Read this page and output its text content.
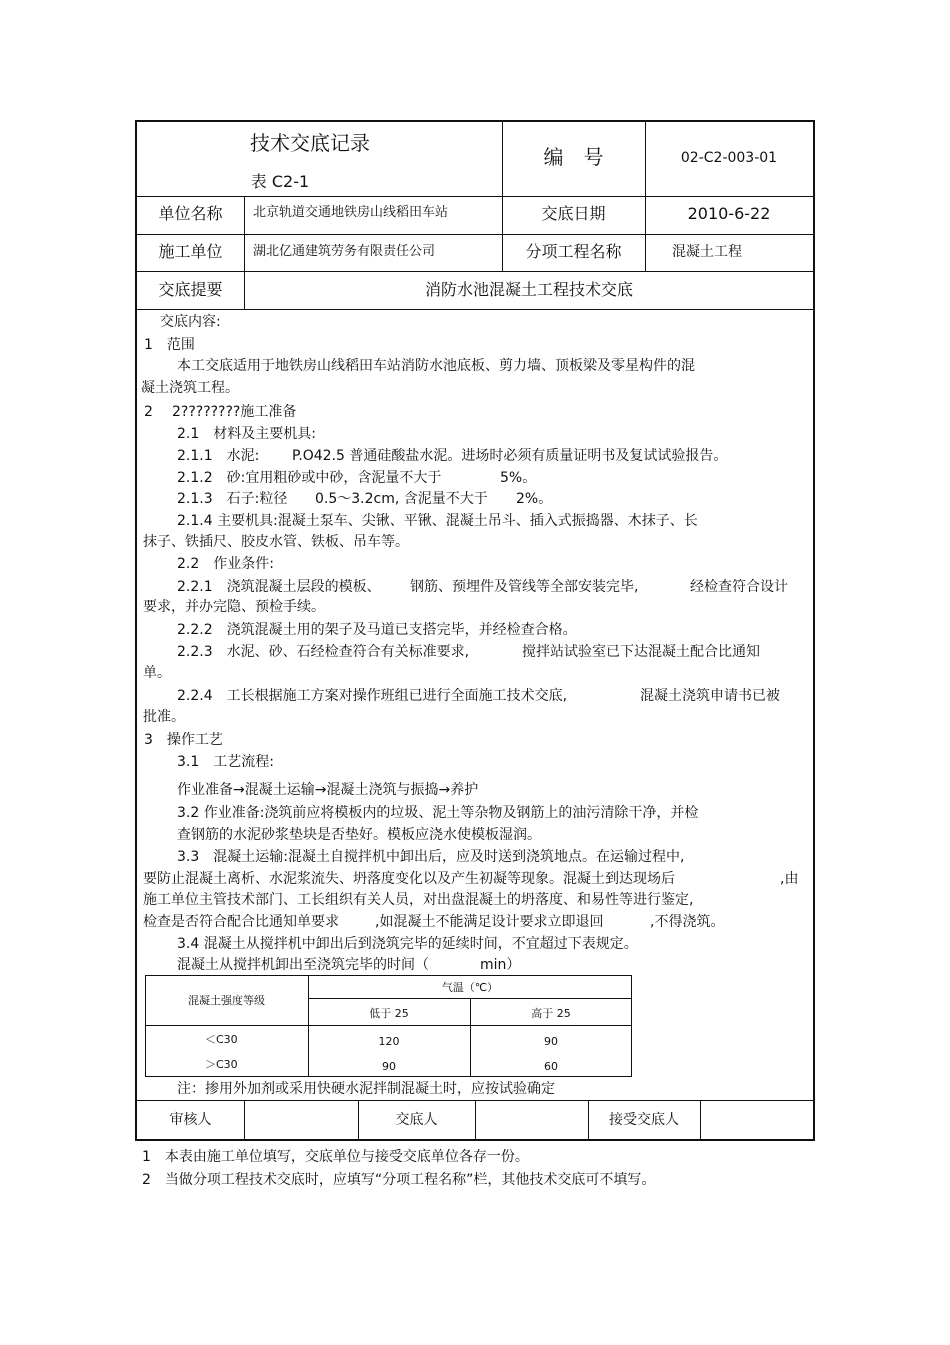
技术交底记录
表 C2-1
编　号	02-C2-003-01
单位名称	北京轨道交通地铁房山线稻田车站	交底日期	2010-6-22
施工单位	湖北亿通建筑劳务有限责任公司	分项工程名称	混凝土工程
交底提要	消防水池混凝土工程技术交底
交底内容:
1　范围
本工交底适用于地铁房山线稻田车站消防水池底板、剪力墙、顶板梁及零星构件的混
凝土浇筑工程。
2 2????????施工准备
2.1　材料及主要机具:
2.1.1　水泥: P.O42.5 普通硅酸盐水泥。进场时必须有质量证明书及复试试验报告。
2.1.2　砂:宜用粗砂或中砂，含泥量不大于	5%。
2.1.3　石子:粒径 0.5～3.2cm, 含泥量不大于 2%。
2.1.4 主要机具:混凝土泵车、尖锹、平锹、混凝土吊斗、插入式振捣器、木抹子、长
抹子、铁插尺、胶皮水管、铁板、吊车等。
2.2　作业条件:
2.2.1　浇筑混凝土层段的模板、 钢筋、预埋件及管线等全部安装完毕,	经检查符合设计
要求，并办完隐、预检手续。
2.2.2　浇筑混凝土用的架子及马道已支搭完毕，并经检查合格。
2.2.3　水泥、砂、石经检查符合有关标准要求,	搅拌站试验室已下达混凝土配合比通知
单。
2.2.4　工长根据施工方案对操作班组已进行全面施工技术交底,	混凝土浇筑申请书已被
批准。
3　操作工艺
3.1　工艺流程:
作业准备→混凝土运输→混凝土浇筑与振捣→养护
3.2 作业准备:浇筑前应将模板内的垃圾、泥土等杂物及钢筋上的油污清除干净，并检
查钢筋的水泥砂浆垫块是否垫好。模板应浇水使模板湿润。
3.3　混凝土运输:混凝土自搅拌机中卸出后，应及时送到浇筑地点。在运输过程中,
要防止混凝土离析、水泥浆流失、坍落度变化以及产生初凝等现象。混凝土到达现场后	,由
施工单位主管技术部门、工长组织有关人员，对出盘混凝土的坍落度、和易性等进行鉴定,
检查是否符合配合比通知单要求	,如混凝土不能满足设计要求立即退回	,不得浇筑。
3.4 混凝土从搅拌机中卸出后到浇筑完毕的延续时间，不宜超过下表规定。
混凝土从搅拌机卸出至浇筑完毕的时间（	min）
混凝土强度等级
气温（℃）
低于 25	高于 25
＜C30	120	90
＞C30	90	60
注：掺用外加剂或采用快硬水泥拌制混凝土时，应按试验确定
审核人	交底人	接受交底人
1　本表由施工单位填写，交底单位与接受交底单位各存一份。
2　当做分项工程技术交底时，应填写“分项工程名称”栏，其他技术交底可不填写。
